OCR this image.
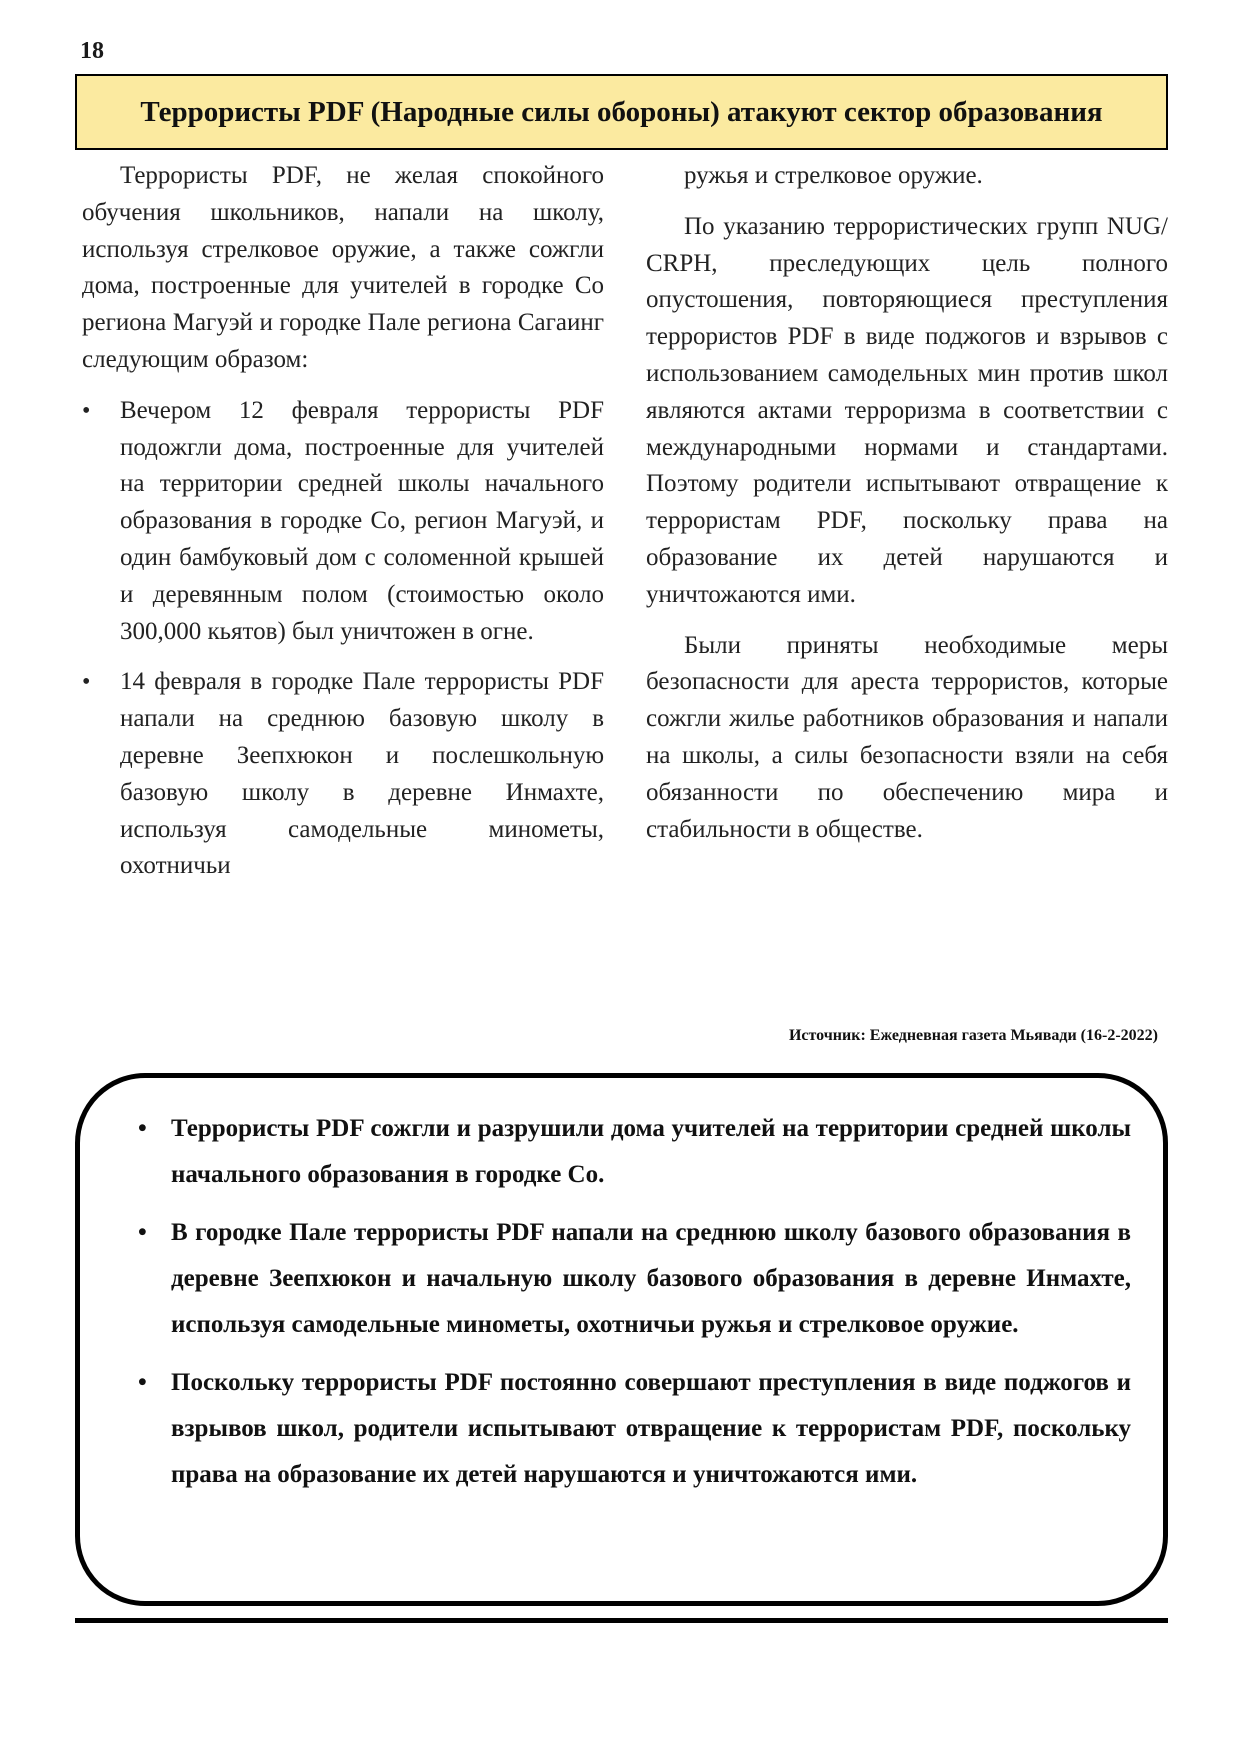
18
Террористы PDF (Народные силы обороны) атакуют сектор образования

Террористы PDF, не желая спокойного обучения школьников, напали на школу, используя стрелковое оружие, а также сожгли дома, построенные для учителей в городке Со региона Магуэй и городке Пале региона Сагаинг следующим образом:

• Вечером 12 февраля террористы PDF подожгли дома, построенные для учителей на территории средней школы начального образования в городке Со, регион Магуэй, и один бамбуковый дом с соломенной крышей и деревянным полом (стоимостью около 300,000 кьятов) был уничтожен в огне.
• 14 февраля в городке Пале террористы PDF напали на среднюю базовую школу в деревне Зеепхюкон и послешкольную базовую школу в деревне Инмахте, используя самодельные минометы, охотничьи

ружья и стрелковое оружие.

По указанию террористических групп NUG/ CRPH, преследующих цель полного опустошения, повторяющиеся преступления террористов PDF в виде поджогов и взрывов с использованием самодельных мин против школ являются актами терроризма в соответствии с международными нормами и стандартами. Поэтому родители испытывают отвращение к террористам PDF, поскольку права на образование их детей нарушаются и уничтожаются ими.

Были приняты необходимые меры безопасности для ареста террористов, которые сожгли жилье работников образования и напали на школы, а силы безопасности взяли на себя обязанности по обеспечению мира и стабильности в обществе.

Источник: Ежедневная газета Мьявади (16-2-2022)
• Террористы PDF сожгли и разрушили дома учителей на территории средней школы начального образования в городке Со.
• В городке Пале террористы PDF напали на среднюю школу базового образования в деревне Зеепхюкон и начальную школу базового образования в деревне Инмахте, используя самодельные минометы, охотничьи ружья и стрелковое оружие.
• Поскольку террористы PDF постоянно совершают преступления в виде поджогов и взрывов школ, родители испытывают отвращение к террористам PDF, поскольку права на образование их детей нарушаются и уничтожаются ими.
